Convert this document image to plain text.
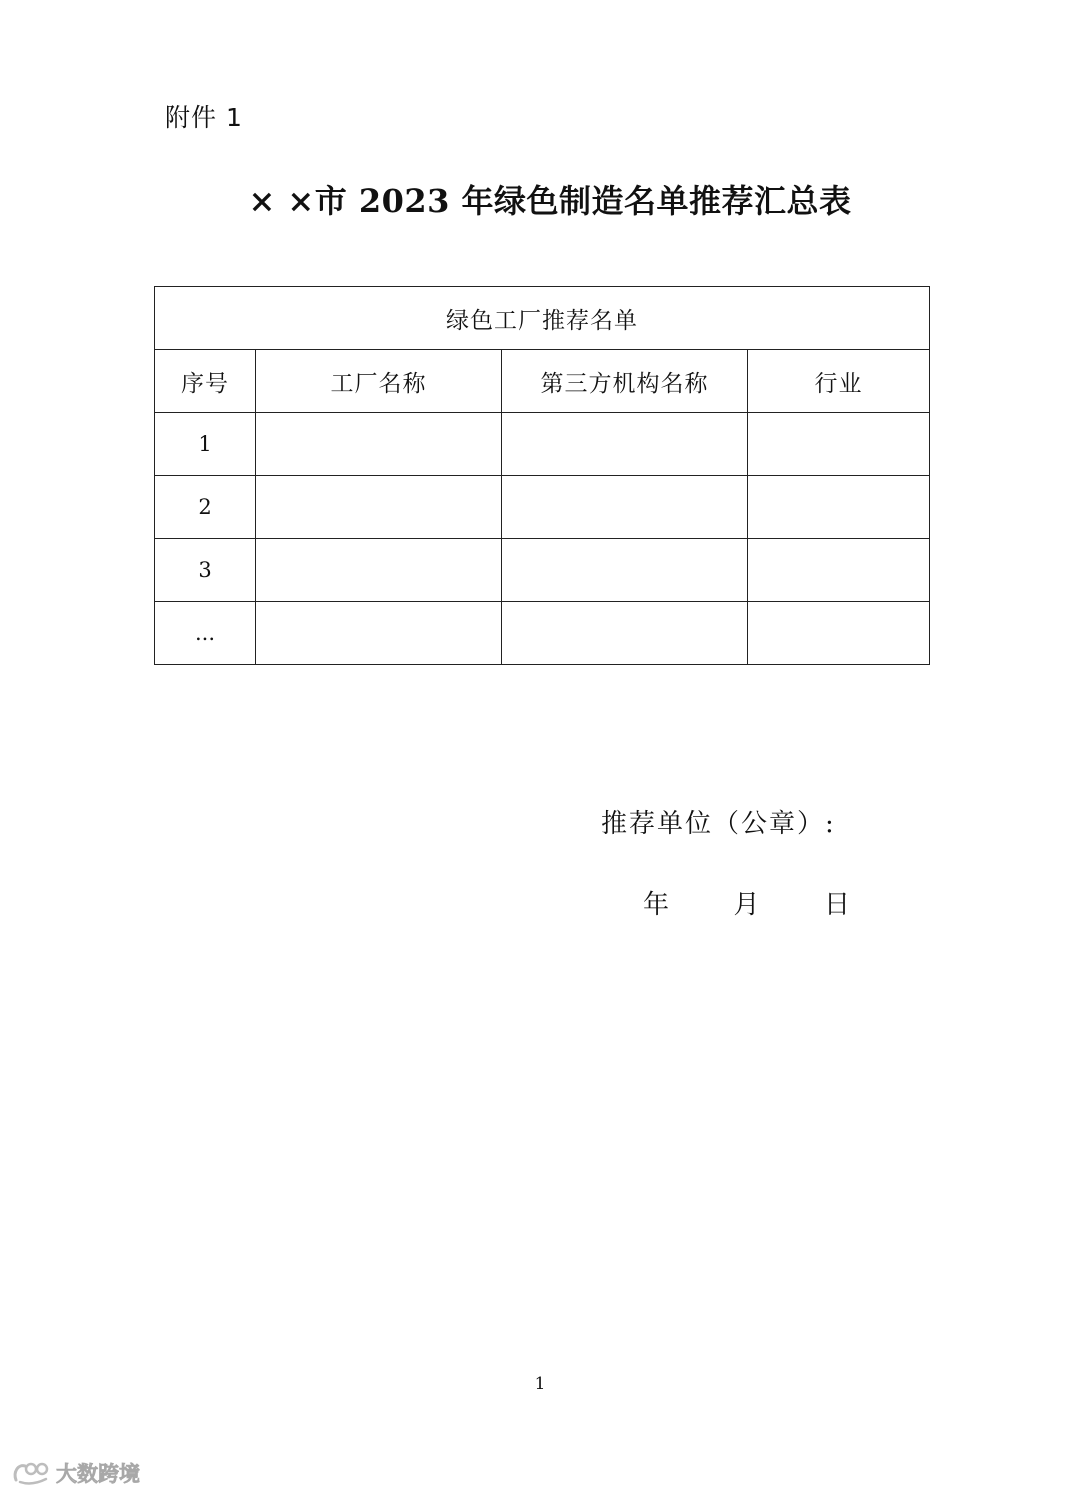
附件 1
× ×市 2023 年绿色制造名单推荐汇总表
绿色工厂推荐名单			
序号	工厂名称	第三方机构名称	行业
1			
2			
3			
...			
推荐单位（公章）:
年  月  日
1
大数跨境
